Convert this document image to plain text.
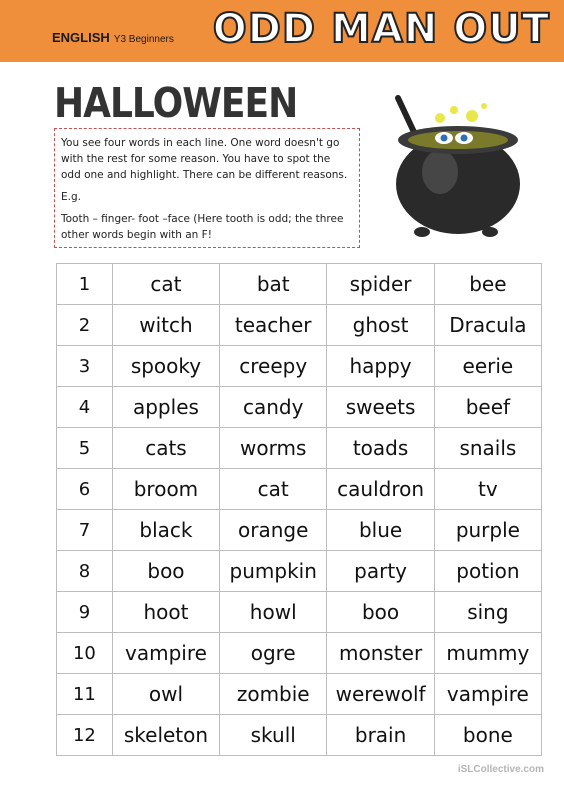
ENGLISH Y3 Beginners ODD MAN OUT
HALLOWEEN

You see four words in each line. One word doesn't go with the rest for some reason. You have to spot the odd one and highlight. There can be different reasons.

E.g.

Tooth – finger- foot –face (Here tooth is odd; the three other words begin with an F!

1	cat	bat	spider	bee
2	witch	teacher	ghost	Dracula
3	spooky	creepy	happy	eerie
4	apples	candy	sweets	beef
5	cats	worms	toads	snails
6	broom	cat	cauldron	tv
7	black	orange	blue	purple
8	boo	pumpkin	party	potion
9	hoot	howl	boo	sing
10	vampire	ogre	monster	mummy
11	owl	zombie	werewolf	vampire
12	skeleton	skull	brain	bone
iSLCollective.com
